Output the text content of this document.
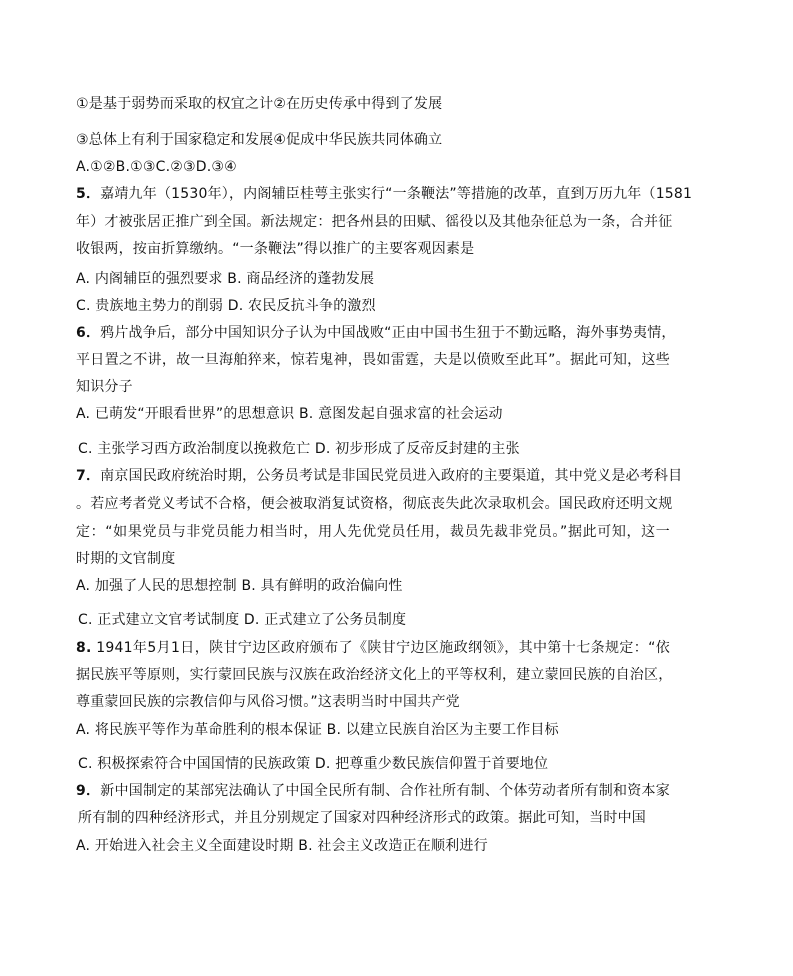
①是基于弱势而采取的权宜之计②在历史传承中得到了发展
③总体上有利于国家稳定和发展④促成中华民族共同体确立
A.①②B.①③C.②③D.③④
5．嘉靖九年（1530年），内阁辅臣桂萼主张实行“一条鞭法”等措施的改革，直到万历九年（1581
年）才被张居正推广到全国。新法规定：把各州县的田赋、徭役以及其他杂征总为一条，合并征
收银两，按亩折算缴纳。“一条鞭法”得以推广的主要客观因素是
A. 内阁辅臣的强烈要求 B. 商品经济的蓬勃发展
C. 贵族地主势力的削弱 D. 农民反抗斗争的激烈
6．鸦片战争后，部分中国知识分子认为中国战败“正由中国书生狃于不勤远略，海外事势夷情，
平日置之不讲，故一旦海舶猝来，惊若鬼神，畏如雷霆，夫是以偾败至此耳”。据此可知，这些
知识分子
A. 已萌发“开眼看世界”的思想意识 B. 意图发起自强求富的社会运动
C. 主张学习西方政治制度以挽救危亡 D. 初步形成了反帝反封建的主张
7．南京国民政府统治时期，公务员考试是非国民党员进入政府的主要渠道，其中党义是必考科目
。若应考者党义考试不合格，便会被取消复试资格，彻底丧失此次录取机会。国民政府还明文规
定：“如果党员与非党员能力相当时，用人先优党员任用，裁员先裁非党员。”据此可知，这一
时期的文官制度
A. 加强了人民的思想控制 B. 具有鲜明的政治偏向性
C. 正式建立文官考试制度 D. 正式建立了公务员制度
8. 1941年5月1日，陕甘宁边区政府颁布了《陕甘宁边区施政纲领》，其中第十七条规定：“依
据民族平等原则，实行蒙回民族与汉族在政治经济文化上的平等权利，建立蒙回民族的自治区，
尊重蒙回民族的宗教信仰与风俗习惯。”这表明当时中国共产党
A. 将民族平等作为革命胜利的根本保证 B. 以建立民族自治区为主要工作目标
C. 积极探索符合中国国情的民族政策 D. 把尊重少数民族信仰置于首要地位
9．新中国制定的某部宪法确认了中国全民所有制、合作社所有制、个体劳动者所有制和资本家
所有制的四种经济形式，并且分别规定了国家对四种经济形式的政策。据此可知，当时中国
A. 开始进入社会主义全面建设时期 B. 社会主义改造正在顺利进行
